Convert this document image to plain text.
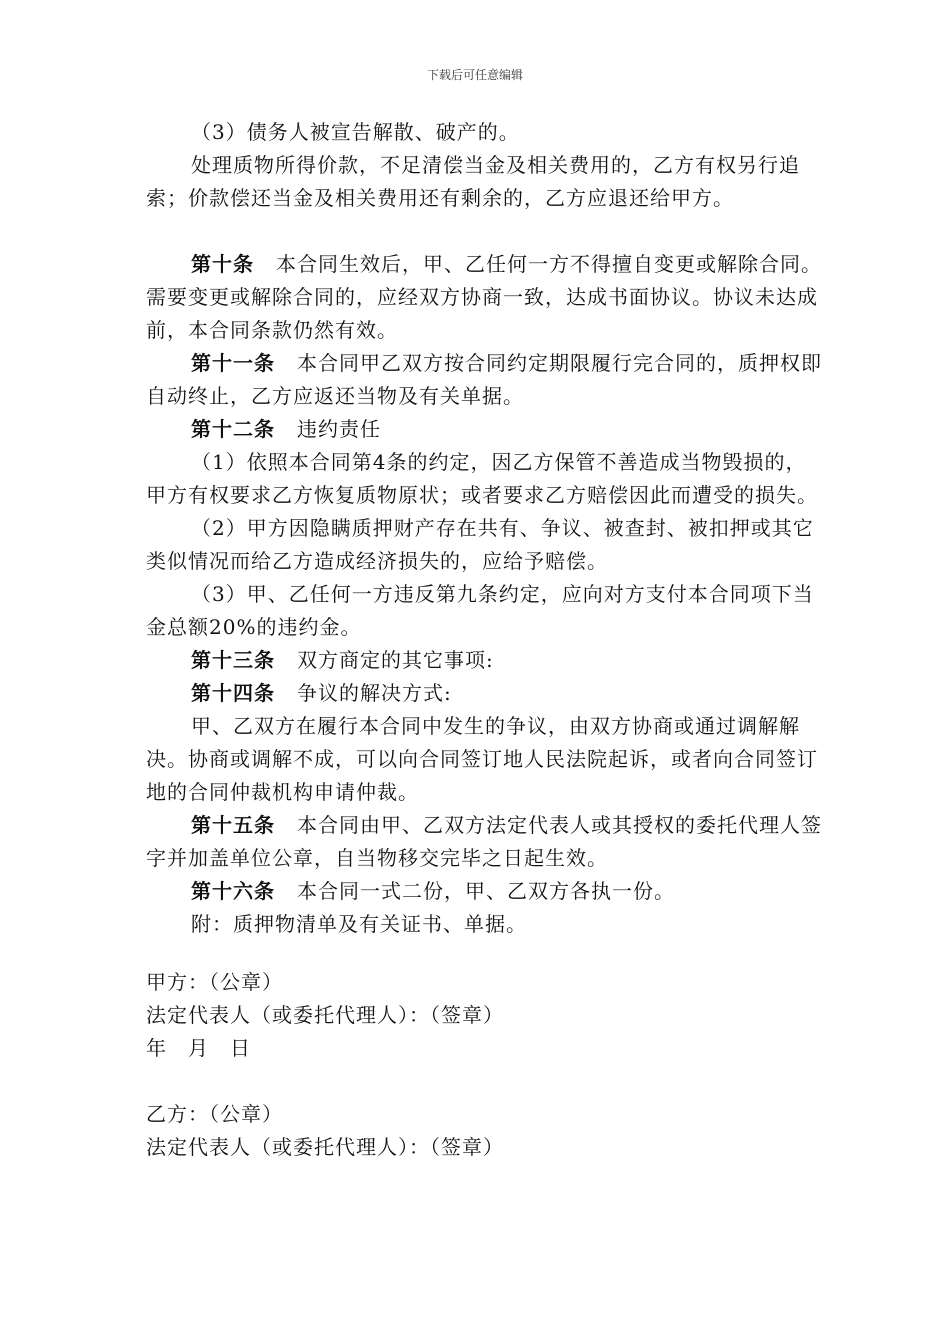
下载后可任意编辑

（3）债务人被宣告解散、破产的。

处理质物所得价款，不足清偿当金及相关费用的，乙方有权另行追索；价款偿还当金及相关费用还有剩余的，乙方应退还给甲方。

第十条 本合同生效后，甲、乙任何一方不得擅自变更或解除合同。需要变更或解除合同的，应经双方协商一致，达成书面协议。协议未达成前，本合同条款仍然有效。

第十一条 本合同甲乙双方按合同约定期限履行完合同的，质押权即自动终止，乙方应返还当物及有关单据。

第十二条 违约责任

（1）依照本合同第4条的约定，因乙方保管不善造成当物毁损的，甲方有权要求乙方恢复质物原状；或者要求乙方赔偿因此而遭受的损失。

（2）甲方因隐瞒质押财产存在共有、争议、被查封、被扣押或其它类似情况而给乙方造成经济损失的，应给予赔偿。

（3）甲、乙任何一方违反第九条约定，应向对方支付本合同项下当金总额20%的违约金。

第十三条 双方商定的其它事项:

第十四条 争议的解决方式:

甲、乙双方在履行本合同中发生的争议，由双方协商或通过调解解决。协商或调解不成，可以向合同签订地人民法院起诉，或者向合同签订地的合同仲裁机构申请仲裁。

第十五条 本合同由甲、乙双方法定代表人或其授权的委托代理人签字并加盖单位公章，自当物移交完毕之日起生效。

第十六条 本合同一式二份，甲、乙双方各执一份。

附：质押物清单及有关证书、单据。

甲方：（公章）

法定代表人（或委托代理人）：（签章）

年　月　日

乙方：（公章）

法定代表人（或委托代理人）：（签章）
